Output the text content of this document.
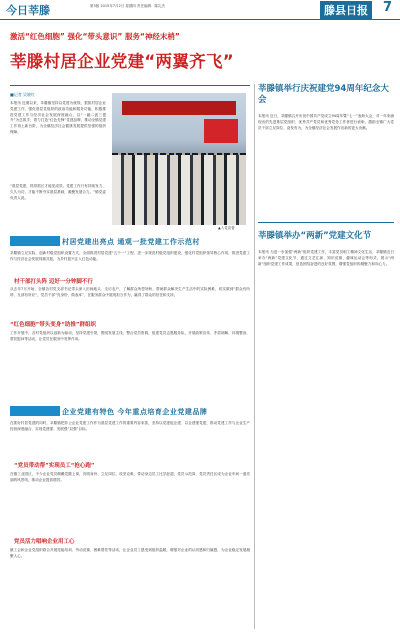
今日莘滕	第3版 2015年7月2日 星期四 责任编辑：陈礼杰	滕县日报	7
激活“红色细胞” 强化“带头意识” 服务“神经末梢”
莘滕村居企业党建“两翼齐飞”
■记者 吴晓红
本报讯 近期以来，莘滕镇坚持以党建为统领，狠抓村居企业党建工作，强化基层党组织的政治功能和服务功能，积极推进党建工作与经济社会发展深度融合，以“一融二创三提升”为总抓手，着力打造“红色先锋”党建品牌，推动全镇党建工作再上新台阶，为全镇经济社会健康发展提供坚强的组织保障。
“基层党建，抓常抓长才能见成效。党建工作只有持续发力、久久为功，才能不断夯实基层基础，凝聚发展合力。”镇党委负责人说。
▲入党宣誓
村居党建出亮点 通观一批党建工作示范村
莘滕镇立足实际，创新村级党组织设置方式，全面推进村居党建“五个一”工程，进一步规范村级党组织建设，强化村党组织领导核心作用，推进党建工作与经济社会发展同频共振，为乡村振兴注入红色动能。
村干部打头阵 迈好一分钟脚不行
从去年7月开始，全镇各村党支部书记带头深入田间地头、走访农户，了解群众所思所盼，帮助群众解决生产生活中的实际困难，切实做到“群众有所呼、支部有所应”，党员干部“亮身份、做表率”，在服务群众中展现担当作为，赢得了群众的信任和支持。
“红色细胞”带头变身“助推”群组织
工作开展中，各村党组织以创新为驱动，坚持党建引领，围绕发展主线，整合党员资源，组建党员志愿服务队，开展政策宣传、矛盾调解、环境整治、帮扶慰问等活动，让党员在服务中发挥作用。
企业党建有特色 今年重点培育企业党建品牌
在抓好村居党建的同时，莘滕镇把非公企业党建工作作为基层党建工作的重要内容来抓，坚持以党建促企建、以企建强党建，推动党建工作与企业生产经营深度融合，实现党建强、发展强“双强”目标。
“党员带动帮”实现员工“抢心跑”
在镇工业园区，不少企业党员佩戴党徽上岗，亮明身份、立足岗位、攻坚克难，带动身边员工比学赶超，党员示范岗、党员责任区成为企业车间一道亮丽的风景线，推动企业提质增效。
党员活力唱响企业用工心
镇工会和企业党组织联合开展技能培训、劳动竞赛、困难帮扶等活动，让企业员工感受到组织温暖，增强对企业的认同感和归属感，为企业稳定发展凝聚人心。
莘滕镇举行庆祝建党94周年纪念大会
本报讯 近日，莘滕镇召开庆祝中国共产党成立94周年暨“七一”表彰大会，对一年来涌现出的先进基层党组织、优秀共产党员和优秀党务工作者进行表彰，激励全镇广大党员干部立足岗位、奋发有为，为全镇经济社会发展作出新的更大贡献。
莘滕镇举办“两新”党建文化节
本报讯 为进一步加强“两新”组织党建工作，丰富党员职工精神文化生活，莘滕镇近日举办“两新”党建文化节，通过文艺汇演、知识竞赛、趣味运动会等形式，展示“两新”组织党建工作成果，营造团结奋进的良好氛围，增强党组织的凝聚力和向心力。
